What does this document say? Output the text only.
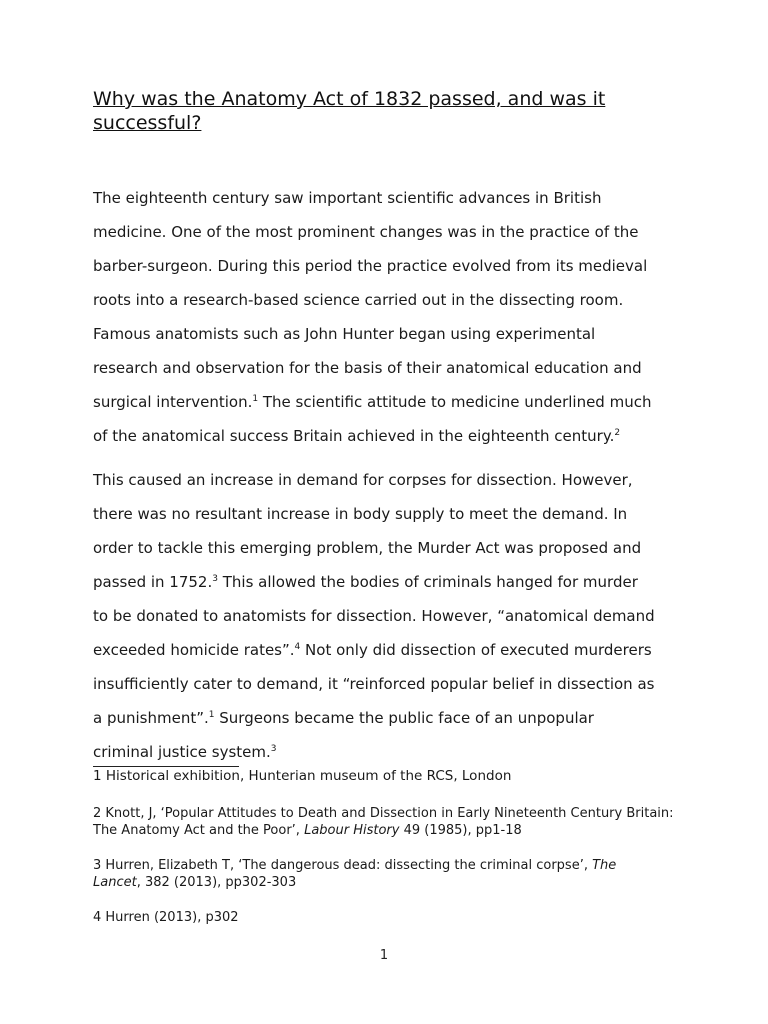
Why was the Anatomy Act of 1832 passed, and was it successful?
The eighteenth century saw important scientific advances in British
medicine. One of the most prominent changes was in the practice of the
barber-surgeon. During this period the practice evolved from its medieval
roots into a research-based science carried out in the dissecting room.
Famous anatomists such as John Hunter began using experimental
research and observation for the basis of their anatomical education and
surgical intervention.$^1$ The scientific attitude to medicine underlined much
of the anatomical success Britain achieved in the eighteenth century.$^2$
This caused an increase in demand for corpses for dissection. However,
there was no resultant increase in body supply to meet the demand. In
order to tackle this emerging problem, the Murder Act was proposed and
passed in 1752.$^3$ This allowed the bodies of criminals hanged for murder
to be donated to anatomists for dissection. However, “anatomical demand
exceeded homicide rates”.$^4$ Not only did dissection of executed murderers
insufficiently cater to demand, it “reinforced popular belief in dissection as
a punishment”.$^1$ Surgeons became the public face of an unpopular
criminal justice system.$^3$

1 Historical exhibition, Hunterian museum of the RCS, London

2 Knott, J, ‘Popular Attitudes to Death and Dissection in Early Nineteenth Century Britain:
The Anatomy Act and the Poor’, Labour History 49 (1985), pp1-18

3 Hurren, Elizabeth T, ‘The dangerous dead: dissecting the criminal corpse’, The
Lancet, 382 (2013), pp302-303

4 Hurren (2013), p302

1
